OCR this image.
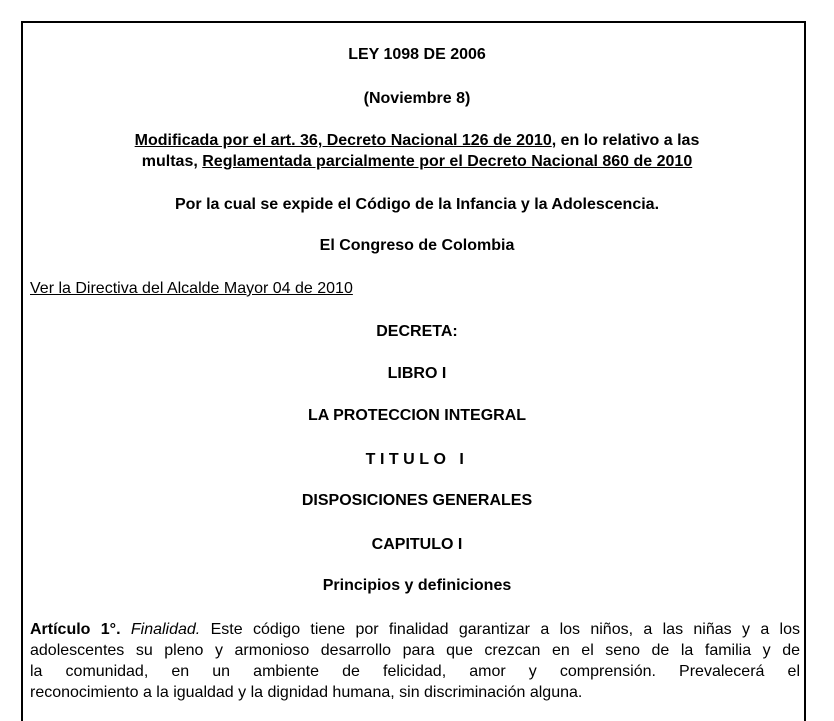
LEY 1098 DE 2006
(Noviembre 8)
Modificada por el art. 36, Decreto Nacional 126 de 2010, en lo relativo a las
multas, Reglamentada parcialmente por el Decreto Nacional 860 de 2010
Por la cual se expide el Código de la Infancia y la Adolescencia.
El Congreso de Colombia
Ver la Directiva del Alcalde Mayor 04 de 2010
DECRETA:
LIBRO I
LA PROTECCION INTEGRAL
TITULO I
DISPOSICIONES GENERALES
CAPITULO I
Principios y definiciones
Artículo 1°. Finalidad. Este código tiene por finalidad garantizar a los niños, a las niñas y a los
adolescentes su pleno y armonioso desarrollo para que crezcan en el seno de la familia y de
la comunidad, en un ambiente de felicidad, amor y comprensión. Prevalecerá el
reconocimiento a la igualdad y la dignidad humana, sin discriminación alguna.
